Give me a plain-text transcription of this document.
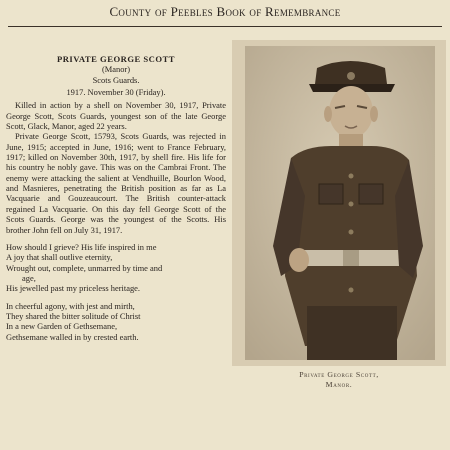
County of Peebles Book of Remembrance
PRIVATE GEORGE SCOTT
(Manor)
Scots Guards.
1917. November 30 (Friday).

Killed in action by a shell on November 30, 1917, Private George Scott, Scots Guards, youngest son of the late George Scott, Glack, Manor, aged 22 years.

Private George Scott, 15793, Scots Guards, was rejected in June, 1915; accepted in June, 1916; went to France February, 1917; killed on November 30th, 1917, by shell fire. His life for his country he nobly gave. This was on the Cambrai Front. The enemy were attacking the salient at Vendhuille, Bourlon Wood, and Masnieres, penetrating the British position as far as La Vacquarie and Gouzeaucourt. The British counter-attack regained La Vacquarie. On this day fell George Scott of the Scots Guards. George was the youngest of the Scotts. His brother John fell on July 31, 1917.

How should I grieve? His life inspired in me
A joy that shall outlive eternity,
Wrought out, complete, unmarred by time and
age,
His jewelled past my priceless heritage.
In cheerful agony, with jest and mirth,
They shared the bitter solitude of Christ
In a new Garden of Gethsemane,
Gethsemane walled in by crested earth.
Private George Scott,
Manor.
